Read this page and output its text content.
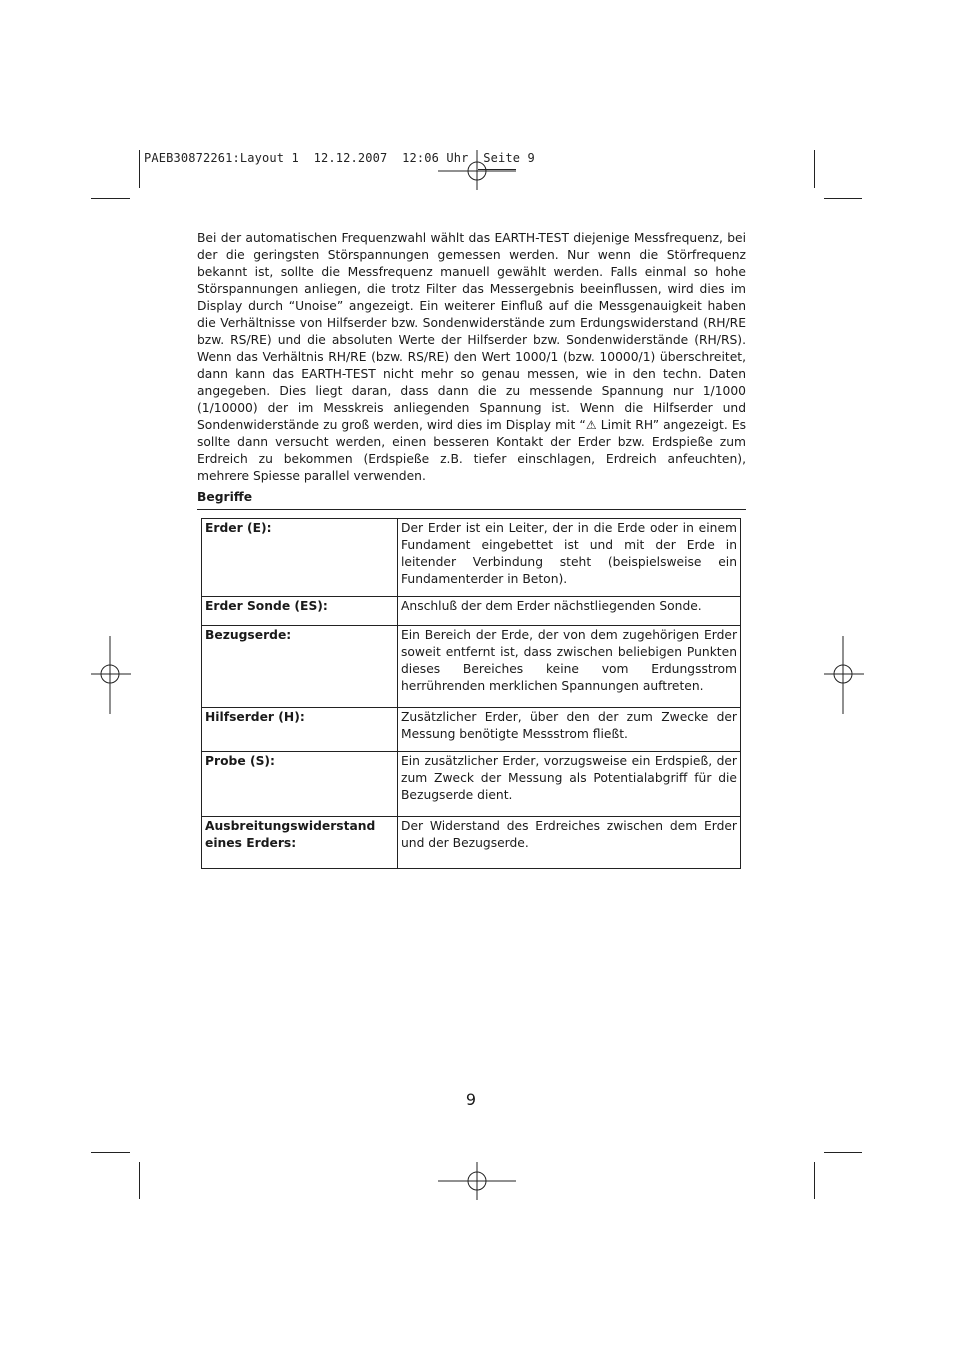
PAEB30872261:Layout 1  12.12.2007  12:06 Uhr  Seite 9

Bei der automatischen Frequenzwahl wählt das EARTH-TEST diejenige Messfrequenz, bei der die geringsten Störspannungen gemessen werden. Nur wenn die Störfrequenz bekannt ist, sollte die Messfrequenz manuell gewählt werden. Falls einmal so hohe Störspannungen anliegen, die trotz Filter das Messergebnis beeinflussen, wird dies im Display durch “Unoise” angezeigt. Ein weiterer Einfluß auf die Messgenauigkeit haben die Verhältnisse von Hilfserder bzw. Sondenwiderstände zum Erdungswiderstand (RH/RE bzw. RS/RE) und die absoluten Werte der Hilfserder bzw. Sondenwiderstände (RH/RS). Wenn das Verhältnis RH/RE (bzw. RS/RE) den Wert 1000/1 (bzw. 10000/1) überschreitet, dann kann das EARTH-TEST nicht mehr so genau messen, wie in den techn. Daten angegeben. Dies liegt daran, dass dann die zu messende Spannung nur 1/1000 (1/10000) der im Messkreis anliegenden Spannung ist. Wenn die Hilfserder und Sondenwiderstände zu groß werden, wird dies im Display mit “⚠ Limit RH” angezeigt. Es sollte dann versucht werden, einen besseren Kontakt der Erder bzw. Erdspieße zum Erdreich zu bekommen (Erdspieße z.B. tiefer einschlagen, Erdreich anfeuchten), mehrere Spiesse parallel verwenden.

Begriffe

Erder (E):	Der Erder ist ein Leiter, der in die Erde oder in einem Fundament eingebettet ist und mit der Erde in leitender Verbindung steht (beispielsweise ein Fundamenterder in Beton).
Erder Sonde (ES):	Anschluß der dem Erder nächstliegenden Sonde.
Bezugserde:	Ein Bereich der Erde, der von dem zugehörigen Erder soweit entfernt ist, dass zwischen beliebigen Punkten dieses Bereiches keine vom Erdungsstrom herrührenden merklichen Spannungen auftreten.
Hilfserder (H):	Zusätzlicher Erder, über den der zum Zwecke der Messung benötigte Messstrom fließt.
Probe (S):	Ein zusätzlicher Erder, vorzugsweise ein Erdspieß, der zum Zweck der Messung als Potentialabgriff für die Bezugserde dient.
Ausbreitungswiderstand eines Erders:	Der Widerstand des Erdreiches zwischen dem Erder und der Bezugserde.
9
